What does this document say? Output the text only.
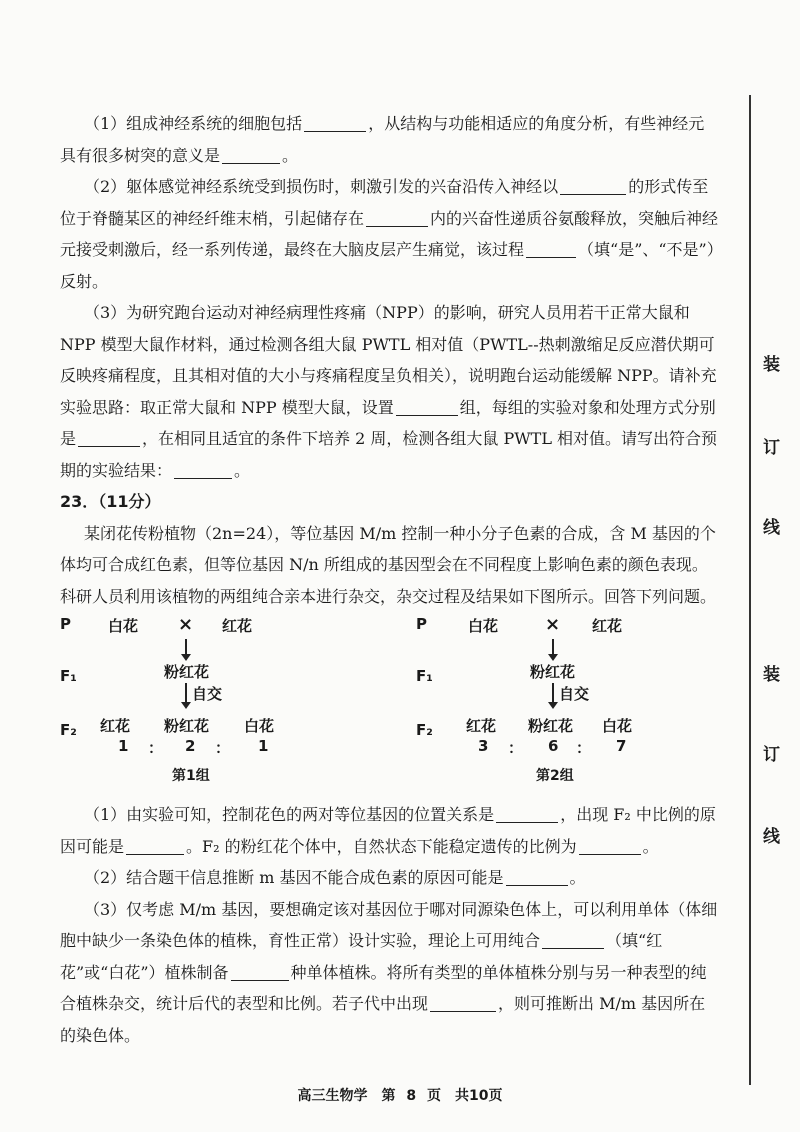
（1）组成神经系统的细胞包括	，从结构与功能相适应的角度分析，有些神经元具有很多树突的意义是	。

（2）躯体感觉神经系统受到损伤时，刺激引发的兴奋沿传入神经以	的形式传至位于脊髓某区的神经纤维末梢，引起储存在	内的兴奋性递质谷氨酸释放，突触后神经元接受刺激后，经一系列传递，最终在大脑皮层产生痛觉，该过程	（填“是”、“不是”）反射。

（3）为研究跑台运动对神经病理性疼痛（NPP）的影响，研究人员用若干正常大鼠和 NPP 模型大鼠作材料，通过检测各组大鼠 PWTL 相对值（PWTL--热刺激缩足反应潜伏期可反映疼痛程度，且其相对值的大小与疼痛程度呈负相关），说明跑台运动能缓解 NPP。请补充实验思路：取正常大鼠和 NPP 模型大鼠，设置	组，每组的实验对象和处理方式分别是	，在相同且适宜的条件下培养 2 周，检测各组大鼠 PWTL 相对值。请写出符合预期的实验结果：	。

23．（11分）

某闭花传粉植物（2n=24），等位基因 M/m 控制一种小分子色素的合成，含 M 基因的个体均可合成红色素，但等位基因 N/n 所组成的基因型会在不同程度上影响色素的颜色表现。科研人员利用该植物的两组纯合亲本进行杂交，杂交过程及结果如下图所示。回答下列问题。

（1）由实验可知，控制花色的两对等位基因的位置关系是	，出现 F₂ 中比例的原因可能是	。F₂ 的粉红花个体中，自然状态下能稳定遗传的比例为	。

（2）结合题干信息推断 m 基因不能合成色素的原因可能是	。

（3）仅考虑 M/m 基因，要想确定该对基因位于哪对同源染色体上，可以利用单体（体细胞中缺少一条染色体的植株，育性正常）设计实验，理论上可用纯合	（填“红花”或“白花”）植株制备	种单体植株。将所有类型的单体植株分别与另一种表型的纯合植株杂交，统计后代的表型和比例。若子代中出现	，则可推断出 M/m 基因所在的染色体。

P 白花 × 红花
F₁	粉红花
自交
F₂ 红花 粉红花 白花
1 ： 2 ： 1
第1组
P	白花	× 红花
F₁	粉红花
自交
F₂ 红花 粉红花 白花
3 ： 6 ： 7
第2组
装
订
线
装
订
线
高三生物学　第 8 页　共10页
